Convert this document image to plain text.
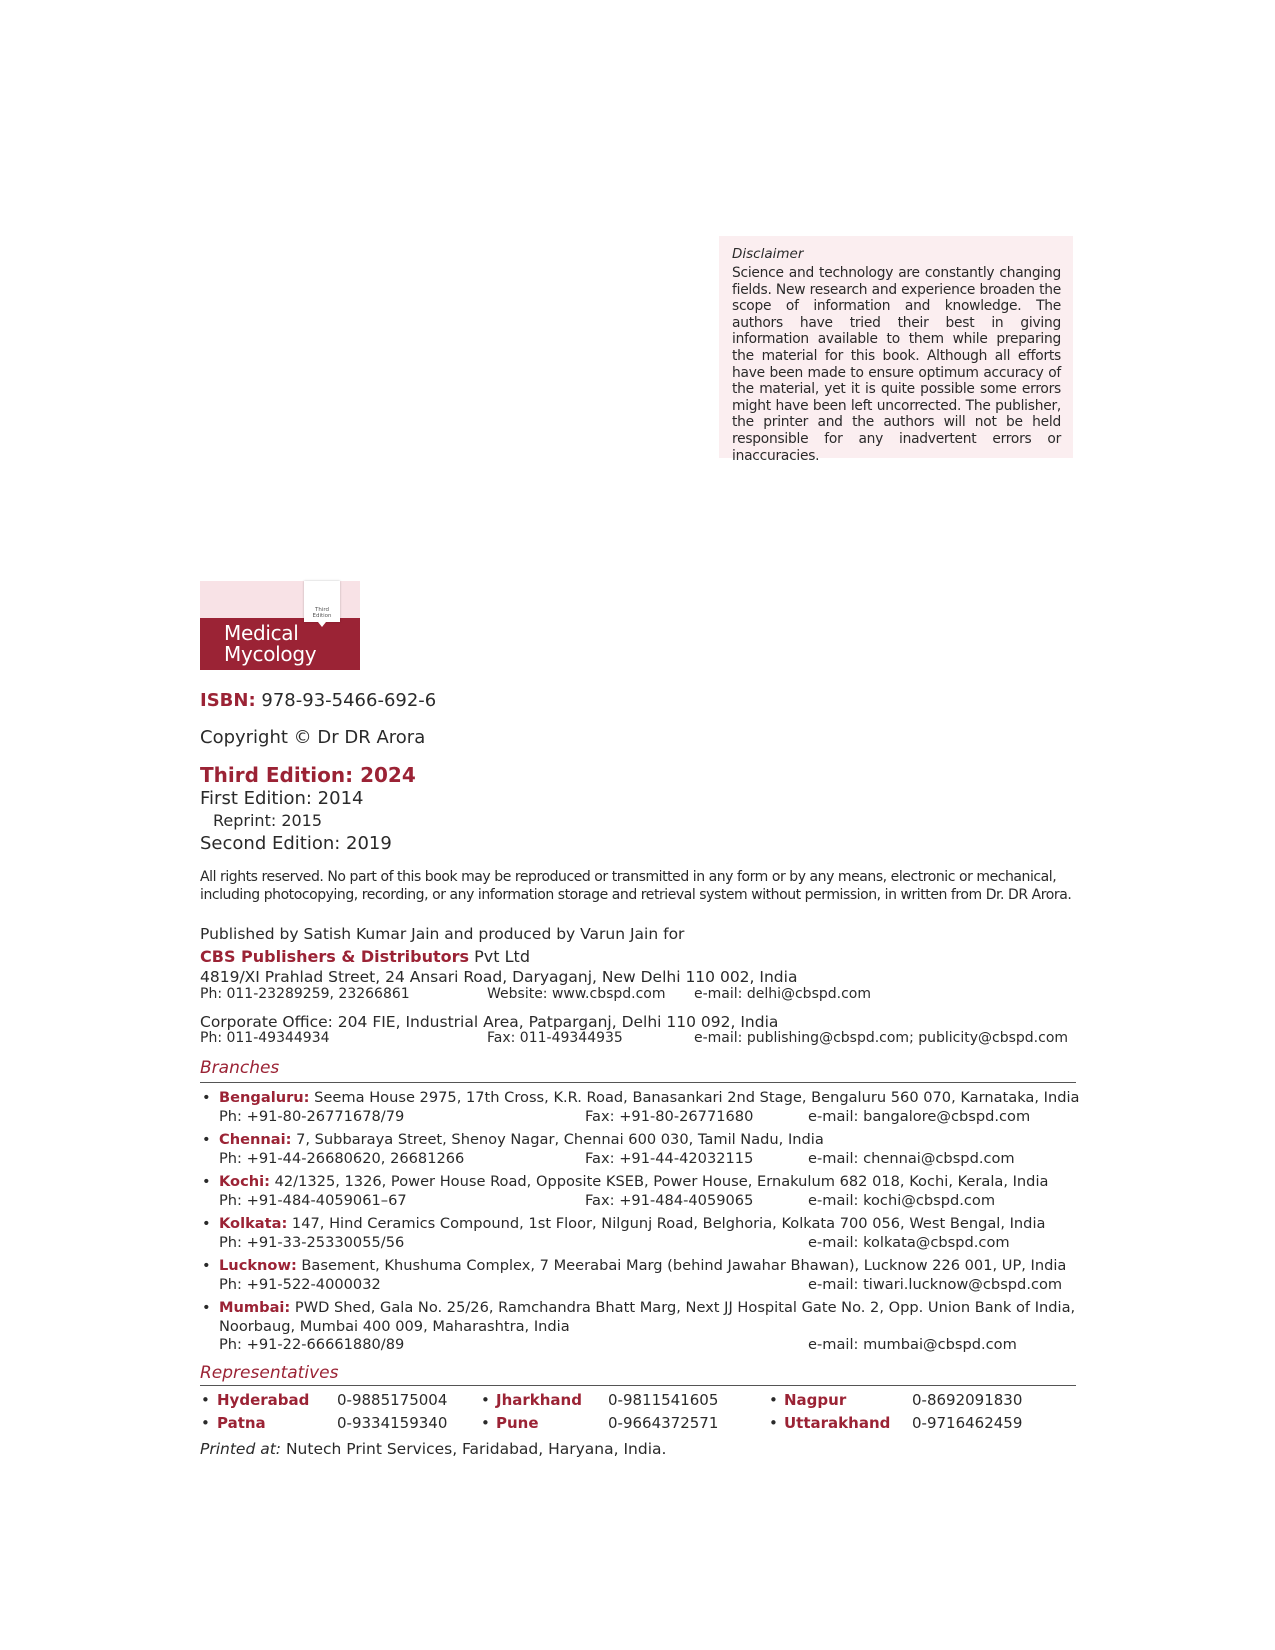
Disclaimer
Science and technology are constantly changing fields. New research and experience broaden the scope of information and knowledge. The authors have tried their best in giving information available to them while preparing the material for this book. Although all efforts have been made to ensure optimum accuracy of the material, yet it is quite possible some errors might have been left uncorrected. The publisher, the printer and the authors will not be held responsible for any inadvertent errors or inaccuracies.
Third
Edition
Medical
Mycology
ISBN: 978-93-5466-692-6
Copyright © Dr DR Arora
Third Edition: 2024
First Edition: 2014
Reprint: 2015
Second Edition: 2019
All rights reserved. No part of this book may be reproduced or transmitted in any form or by any means, electronic or mechanical, including photocopying, recording, or any information storage and retrieval system without permission, in written from Dr. DR Arora.
Published by Satish Kumar Jain and produced by Varun Jain for
CBS Publishers & Distributors Pvt Ltd
4819/XI Prahlad Street, 24 Ansari Road, Daryaganj, New Delhi 110 002, India
Ph: 011-23289259, 23266861	Website: www.cbspd.com e-mail: delhi@cbspd.com
Corporate Office: 204 FIE, Industrial Area, Patparganj, Delhi 110 092, India
Ph: 011-49344934	Fax: 011-49344935	e-mail: publishing@cbspd.com; publicity@cbspd.com
Branches
• Bengaluru: Seema House 2975, 17th Cross, K.R. Road, Banasankari 2nd Stage, Bengaluru 560 070, Karnataka, India
Ph: +91-80-26771678/79	Fax: +91-80-26771680	e-mail: bangalore@cbspd.com
• Chennai: 7, Subbaraya Street, Shenoy Nagar, Chennai 600 030, Tamil Nadu, India
Ph: +91-44-26680620, 26681266	Fax: +91-44-42032115	e-mail: chennai@cbspd.com
• Kochi: 42/1325, 1326, Power House Road, Opposite KSEB, Power House, Ernakulum 682 018, Kochi, Kerala, India
Ph: +91-484-4059061–67	Fax: +91-484-4059065	e-mail: kochi@cbspd.com
• Kolkata: 147, Hind Ceramics Compound, 1st Floor, Nilgunj Road, Belghoria, Kolkata 700 056, West Bengal, India
Ph: +91-33-25330055/56	e-mail: kolkata@cbspd.com
• Lucknow: Basement, Khushuma Complex, 7 Meerabai Marg (behind Jawahar Bhawan), Lucknow 226 001, UP, India
Ph: +91-522-4000032	e-mail: tiwari.lucknow@cbspd.com
• Mumbai: PWD Shed, Gala No. 25/26, Ramchandra Bhatt Marg, Next JJ Hospital Gate No. 2, Opp. Union Bank of India,
Noorbaug, Mumbai 400 009, Maharashtra, India
Ph: +91-22-66661880/89	e-mail: mumbai@cbspd.com
Representatives
• Hyderabad 0-9885175004 • Jharkhand 0-9811541605	• Nagpur	0-8692091830
• Patna	0-9334159340 • Pune	0-9664372571	• Uttarakhand 0-9716462459
Printed at: Nutech Print Services, Faridabad, Haryana, India.
